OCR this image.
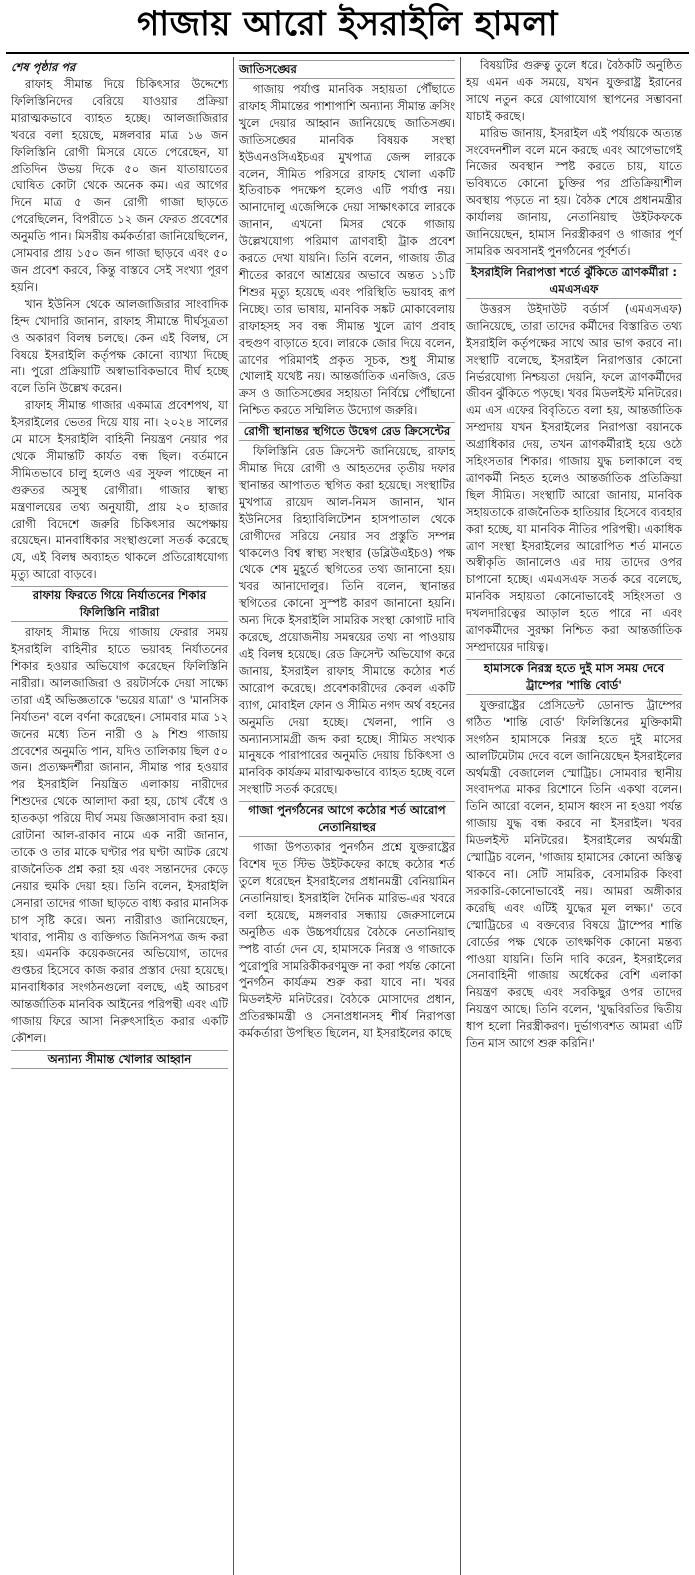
গাজায় আরো ইসরাইলি হামলা
শেষ পৃষ্ঠার পর

রাফাহ সীমান্ত দিয়ে চিকিৎসার উদ্দেশ্যে ফিলিস্তিনিদের বেরিয়ে যাওয়ার প্রক্রিয়া মারাত্মকভাবে ব্যাহত হচ্ছে। আলজাজিরার খবরে বলা হয়েছে, মঙ্গলবার মাত্র ১৬ জন ফিলিস্তিনি রোগী মিসরে যেতে পেরেছেন, যা প্রতিদিন উভয় দিকে ৫০ জন যাতায়াতের ঘোষিত কোটা থেকে অনেক কম। এর আগের দিনে মাত্র ৫ জন রোগী গাজা ছাড়তে পেরেছিলেন, বিপরীতে ১২ জন ফেরত প্রবেশের অনুমতি পান। মিসরীয় কর্মকর্তারা জানিয়েছিলেন, সোমবার প্রায় ১৫০ জন গাজা ছাড়বে এবং ৫০ জন প্রবেশ করবে, কিন্তু বাস্তবে সেই সংখ্যা পূরণ হয়নি।

খান ইউনিস থেকে আলজাজিরার সাংবাদিক হিন্দ খোদারি জানান, রাফাহ সীমান্তে দীর্ঘসূত্রতা ও অকারণ বিলম্ব চলছে। কেন এই বিলম্ব, সে বিষয়ে ইসরাইলি কর্তৃপক্ষ কোনো ব্যাখ্যা দিচ্ছে না। পুরো প্রক্রিয়াটি অস্বাভাবিকভাবে দীর্ঘ হচ্ছে বলে তিনি উল্লেখ করেন।

রাফাহ সীমান্ত গাজার একমাত্র প্রবেশপথ, যা ইসরাইলের ভেতর দিয়ে যায় না। ২০২৪ সালের মে মাসে ইসরাইলি বাহিনী নিয়ন্ত্রণ নেয়ার পর থেকে সীমান্তটি কার্যত বন্ধ ছিল। বর্তমানে সীমিতভাবে চালু হলেও এর সুফল পাচ্ছেন না গুরুতর অসুস্থ রোগীরা। গাজার স্বাস্থ্য মন্ত্রণালয়ের তথ্য অনুযায়ী, প্রায় ২০ হাজার রোগী বিদেশে জরুরি চিকিৎসার অপেক্ষায় রয়েছেন। মানবাধিকার সংস্থাগুলো সতর্ক করেছে যে, এই বিলম্ব অব্যাহত থাকলে প্রতিরোধযোগ্য মৃত্যু আরো বাড়বে।

রাফায় ফিরতে গিয়ে নির্যাতনের শিকার ফিলিস্তিনি নারীরা

রাফাহ সীমান্ত দিয়ে গাজায় ফেরার সময় ইসরাইলি বাহিনীর হাতে ভয়াবহ নির্যাতনের শিকার হওয়ার অভিযোগ করেছেন ফিলিস্তিনি নারীরা। আলজাজিরা ও রয়টার্সকে দেয়া সাক্ষ্যে তারা এই অভিজ্ঞতাকে 'ভয়ের যাত্রা' ও 'মানসিক নির্যাতন' বলে বর্ণনা করেছেন। সোমবার মাত্র ১২ জনের মধ্যে তিন নারী ও ৯ শিশু গাজায় প্রবেশের অনুমতি পান, যদিও তালিকায় ছিল ৫০ জন। প্রত্যক্ষদর্শীরা জানান, সীমান্ত পার হওয়ার পর ইসরাইলি নিয়ন্ত্রিত এলাকায় নারীদের শিশুদের থেকে আলাদা করা হয়, চোখ বেঁধে ও হাতকড়া পরিয়ে দীর্ঘ সময় জিজ্ঞাসাবাদ করা হয়। রোটানা আল-রাকাব নামে এক নারী জানান, তাকে ও তার মাকে ঘণ্টার পর ঘণ্টা আটক রেখে রাজনৈতিক প্রশ্ন করা হয় এবং সন্তানদের কেড়ে নেয়ার হুমকি দেয়া হয়। তিনি বলেন, ইসরাইলি সেনারা তাদের গাজা ছাড়তে বাধ্য করার মানসিক চাপ সৃষ্টি করে। অন্য নারীরাও জানিয়েছেন, খাবার, পানীয় ও ব্যক্তিগত জিনিসপত্র জব্দ করা হয়। এমনকি কয়েকজনের অভিযোগ, তাদের গুপ্তচর হিসেবে কাজ করার প্রস্তাব দেয়া হয়েছে। মানবাধিকার সংগঠনগুলো বলছে, এই আচরণ আন্তর্জাতিক মানবিক আইনের পরিপন্থী এবং এটি গাজায় ফিরে আসা নিরুৎসাহিত করার একটি কৌশল।

অন্যান্য সীমান্ত খোলার আহ্বান
জাতিসঙ্ঘের

গাজায় পর্যাপ্ত মানবিক সহায়তা পৌঁছাতে রাফাহ সীমান্তের পাশাপাশি অন্যান্য সীমান্ত ক্রসিং খুলে দেয়ার আহ্বান জানিয়েছে জাতিসঙ্ঘ। জাতিসঙ্ঘের মানবিক বিষয়ক সংস্থা ইউএনওসিএইচএর মুখপাত্র জেন্স লারকে বলেন, সীমিত পরিসরে রাফাহ খোলা একটি ইতিবাচক পদক্ষেপ হলেও এটি পর্যাপ্ত নয়। আনাদোলু এজেন্সিকে দেয়া সাক্ষাৎকারে লারকে জানান, এখনো মিসর থেকে গাজায় উল্লেখযোগ্য পরিমাণ ত্রাণবাহী ট্রাক প্রবেশ করতে দেখা যায়নি। তিনি বলেন, গাজায় তীব্র শীতের কারণে আশ্রয়ের অভাবে অন্তত ১১টি শিশুর মৃত্যু হয়েছে এবং পরিস্থিতি ভয়াবহ রূপ নিচ্ছে। তার ভাষায়, মানবিক সঙ্কট মোকাবেলায় রাফাহসহ সব বন্ধ সীমান্ত খুলে ত্রাণ প্রবাহ বহুগুণ বাড়াতে হবে। লারকে জোর দিয়ে বলেন, ত্রাণের পরিমাণই প্রকৃত সূচক, শুধু সীমান্ত খোলাই যথেষ্ট নয়। আন্তর্জাতিক এনজিও, রেড ক্রস ও জাতিসঙ্ঘের সহায়তা নির্বিঘ্নে পৌঁছানো নিশ্চিত করতে সম্মিলিত উদ্যোগ জরুরি।

রোগী স্থানান্তর স্থগিতে উদ্বেগ রেড ক্রিসেন্টের

ফিলিস্তিনি রেড ক্রিসেন্ট জানিয়েছে, রাফাহ সীমান্ত দিয়ে রোগী ও আহতদের তৃতীয় দফার স্থানান্তর আপাতত স্থগিত করা হয়েছে। সংস্থাটির মুখপাত্র রায়েদ আল-নিমস জানান, খান ইউনিসের রিহ্যাবিলিটেশন হাসপাতাল থেকে রোগীদের সরিয়ে নেয়ার সব প্রস্তুতি সম্পন্ন থাকলেও বিশ্ব স্বাস্থ্য সংস্থার (ডব্লিউএইচও) পক্ষ থেকে শেষ মুহূর্তে স্থগিতের তথ্য জানানো হয়। খবর আনাদোলুর। তিনি বলেন, স্থানান্তর স্থগিতের কোনো সুস্পষ্ট কারণ জানানো হয়নি। অন্য দিকে ইসরাইলি সামরিক সংস্থা কোগাট দাবি করেছে, প্রয়োজনীয় সমন্বয়ের তথ্য না পাওয়ায় এই বিলম্ব হয়েছে। রেড ক্রিসেন্ট অভিযোগ করে জানায়, ইসরাইল রাফাহ সীমান্তে কঠোর শর্ত আরোপ করেছে। প্রবেশকারীদের কেবল একটি ব্যাগ, মোবাইল ফোন ও সীমিত নগদ অর্থ বহনের অনুমতি দেয়া হচ্ছে। খেলনা, পানি ও অন্যান্যসামগ্রী জব্দ করা হচ্ছে। সীমিত সংখ্যক মানুষকে পারাপারের অনুমতি দেয়ায় চিকিৎসা ও মানবিক কার্যক্রম মারাত্মকভাবে ব্যাহত হচ্ছে বলে সংস্থাটি সতর্ক করেছে।

গাজা পুনর্গঠনের আগে কঠোর শর্ত আরোপ নেতানিয়াহুর

গাজা উপত্যকার পুনর্গঠন প্রশ্নে যুক্তরাষ্ট্রের বিশেষ দূত স্টিভ উইটকফের কাছে কঠোর শর্ত তুলে ধরেছেন ইসরাইলের প্রধানমন্ত্রী বেনিয়ামিন নেতানিয়াহু। ইসরাইলি দৈনিক মারিভ-এর খবরে বলা হয়েছে, মঙ্গলবার সন্ধ্যায় জেরুসালেমে অনুষ্ঠিত এক উচ্চপর্যায়ের বৈঠকে নেতানিয়াহু স্পষ্ট বার্তা দেন যে, হামাসকে নিরস্ত্র ও গাজাকে পুরোপুরি সামরিকীকরণমুক্ত না করা পর্যন্ত কোনো পুনর্গঠন কার্যক্রম শুরু করা যাবে না। খবর মিডলইস্ট মনিটরের। বৈঠকে মোসাদের প্রধান, প্রতিরক্ষামন্ত্রী ও সেনাপ্রধানসহ শীর্ষ নিরাপত্তা কর্মকর্তারা উপস্থিত ছিলেন, যা ইসরাইলের কাছে

বিষয়টির গুরুত্ব তুলে ধরে। বৈঠকটি অনুষ্ঠিত হয় এমন এক সময়ে, যখন যুক্তরাষ্ট্র ইরানের সাথে নতুন করে যোগাযোগ স্থাপনের সম্ভাবনা যাচাই করছে।

মারিভ জানায়, ইসরাইল এই পর্যায়কে অত্যন্ত সংবেদনশীল বলে মনে করছে এবং আগেভাগেই নিজের অবস্থান স্পষ্ট করতে চায়, যাতে ভবিষ্যতে কোনো চুক্তির পর প্রতিক্রিয়াশীল অবস্থায় পড়তে না হয়। বৈঠক শেষে প্রধানমন্ত্রীর কার্যালয় জানায়, নেতানিয়াহু উইটকফকে জানিয়েছেন, হামাস নিরস্ত্রীকরণ ও গাজার পূর্ণ সামরিক অবসানই পুনর্গঠনের পূর্বশর্ত।

ইসরাইলি নিরাপত্তা শর্তে ঝুঁকিতে ত্রাণকর্মীরা : এমএসএফ

উত্তরস উইদাউট বর্ডার্স (এমএসএফ) জানিয়েছে, তারা তাদের কর্মীদের বিস্তারিত তথ্য ইসরাইলি কর্তৃপক্ষের সাথে আর ভাগ করবে না। সংস্থাটি বলেছে, ইসরাইল নিরাপত্তার কোনো নির্ভরযোগ্য নিশ্চয়তা দেয়নি, ফলে ত্রাণকর্মীদের জীবন ঝুঁকিতে পড়ছে। খবর মিডলইস্ট মনিটরের। এম এস এফের বিবৃতিতে বলা হয়, আন্তর্জাতিক সম্প্রদায় যখন ইসরাইলের নিরাপত্তা বয়ানকে অগ্রাধিকার দেয়, তখন ত্রাণকর্মীরাই হয়ে ওঠে সহিংসতার শিকার। গাজায় যুদ্ধ চলাকালে বহু ত্রাণকর্মী নিহত হলেও আন্তর্জাতিক প্রতিক্রিয়া ছিল সীমিত। সংস্থাটি আরো জানায়, মানবিক সহায়তাকে রাজনৈতিক হাতিয়ার হিসেবে ব্যবহার করা হচ্ছে, যা মানবিক নীতির পরিপন্থী। একাধিক ত্রাণ সংস্থা ইসরাইলের আরোপিত শর্ত মানতে অস্বীকৃতি জানালেও এর দায় তাদের ওপর চাপানো হচ্ছে। এমএসএফ সতর্ক করে বলেছে, মানবিক সহায়তা কোনোভাবেই সহিংসতা ও দখলদারিত্বের আড়াল হতে পারে না এবং ত্রাণকর্মীদের সুরক্ষা নিশ্চিত করা আন্তর্জাতিক সম্প্রদায়ের দায়িত্ব।

হামাসকে নিরস্ত্র হতে দুই মাস সময় দেবে ট্রাম্পের 'শান্তি বোর্ড'

যুক্তরাষ্ট্রের প্রেসিডেন্ট ডোনাল্ড ট্রাম্পের গঠিত 'শান্তি বোর্ড' ফিলিস্তিনের মুক্তিকামী সংগঠন হামাসকে নিরস্ত্র হতে দুই মাসের আলটিমেটাম দেবে বলে জানিয়েছেন ইসরাইলের অর্থমন্ত্রী বেজালেল স্মোট্রিচ। সোমবার স্থানীয় সংবাদপত্র মাকর রিশোনে তিনি একথা বলেন। তিনি আরো বলেন, হামাস ধ্বংস না হওয়া পর্যন্ত গাজায় যুদ্ধ বন্ধ করবে না ইসরাইল। খবর মিডলইস্ট মনিটরের। ইসরাইলের অর্থমন্ত্রী স্মোট্রিচ বলেন, 'গাজায় হামাসের কোনো অস্তিত্ব থাকবে না। সেটি সামরিক, বেসামরিক কিংবা সরকারি-কোনোভাবেই নয়। আমরা অঙ্গীকার করেছি এবং এটিই যুদ্ধের মূল লক্ষ্য।' তবে স্মোট্রিচের এ বক্তব্যের বিষয়ে ট্রাম্পের শান্তি বোর্ডের পক্ষ থেকে তাৎক্ষণিক কোনো মন্তব্য পাওয়া যায়নি। তিনি দাবি করেন, ইসরাইলের সেনাবাহিনী গাজায় অর্ধেকের বেশি এলাকা নিয়ন্ত্রণ করছে এবং সবকিছুর ওপর তাদের নিয়ন্ত্রণ আছে। তিনি বলেন, 'যুদ্ধবিরতির দ্বিতীয় ধাপ হলো নিরস্ত্রীকরণ। দুর্ভাগ্যবশত আমরা এটি তিন মাস আগে শুরু করিনি।'
